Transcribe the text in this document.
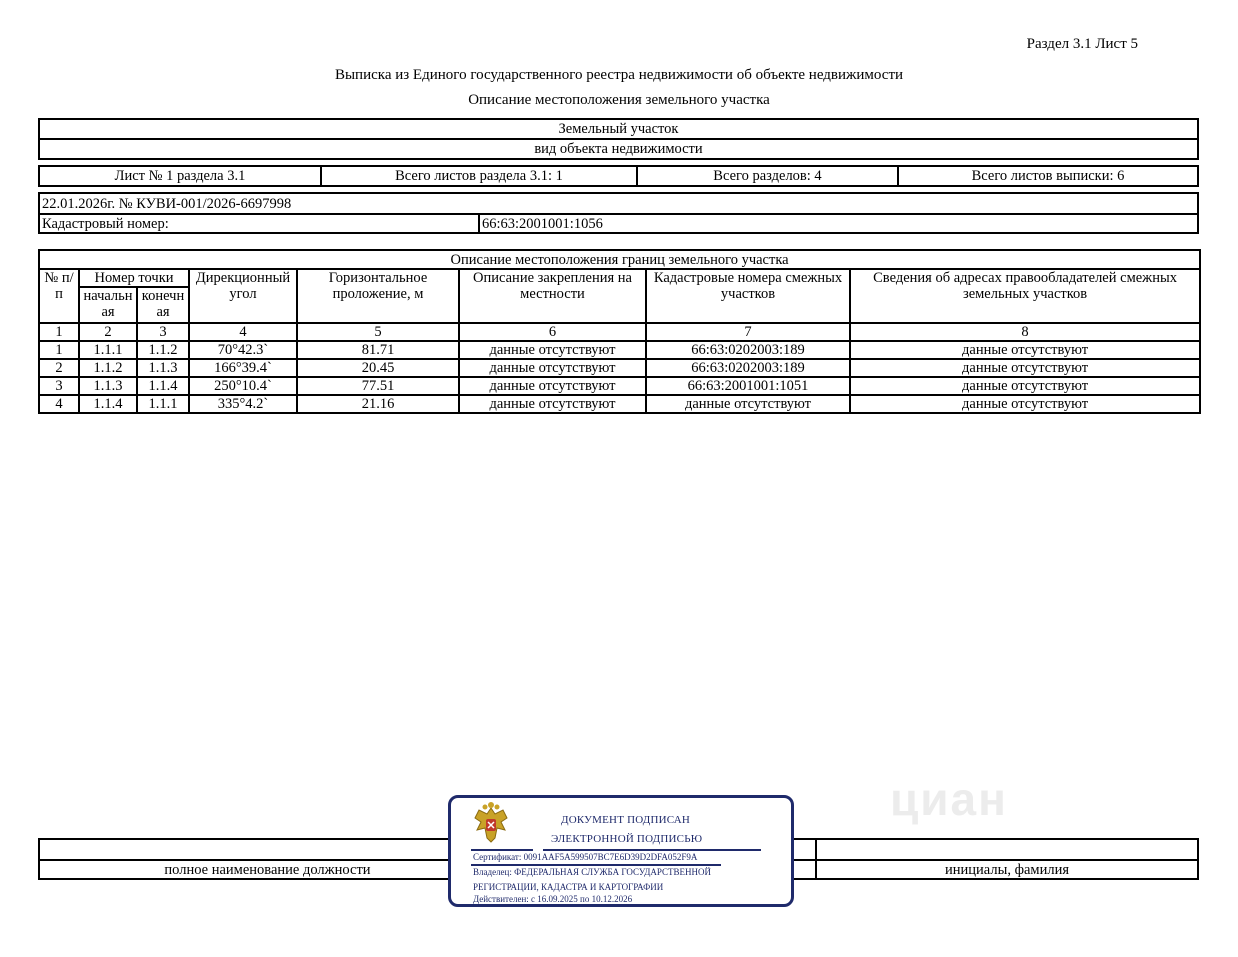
Раздел 3.1 Лист 5
Выписка из Единого государственного реестра недвижимости об объекте недвижимости
Описание местоположения земельного участка
Земельный участок
вид объекта недвижимости
Лист № 1 раздела 3.1	Всего листов раздела 3.1: 1	Всего разделов: 4	Всего листов выписки: 6
22.01.2026г. № КУВИ-001/2026-6697998
Кадастровый номер:	66:63:2001001:1056
Описание местоположения границ земельного участка							
№ п/п	Номер точки		Дирекционный угол	Горизонтальное проложение, м	Описание закрепления на местности	Кадастровые номера смежных участков	Сведения об адресах правообладателей смежных земельных участков
	начальн ая	конечн ая					
1	2	3	4	5	6	7	8
1	1.1.1	1.1.2	70°42.3`	81.71	данные отсутствуют	66:63:0202003:189	данные отсутствуют
2	1.1.2	1.1.3	166°39.4`	20.45	данные отсутствуют	66:63:0202003:189	данные отсутствуют
3	1.1.3	1.1.4	250°10.4`	77.51	данные отсутствуют	66:63:2001001:1051	данные отсутствуют
4	1.1.4	1.1.1	335°4.2`	21.16	данные отсутствуют	данные отсутствуют	данные отсутствуют
полное наименование должности	инициалы, фамилия
циан
ДОКУМЕНТ ПОДПИСАН
ЭЛЕКТРОННОЙ ПОДПИСЬЮ
Сертификат: 0091AAF5A599507BC7E6D39D2DFA052F9A
Владелец: ФЕДЕРАЛЬНАЯ СЛУЖБА ГОСУДАРСТВЕННОЙ
РЕГИСТРАЦИИ, КАДАСТРА И КАРТОГРАФИИ
Действителен: с 16.09.2025 по 10.12.2026
